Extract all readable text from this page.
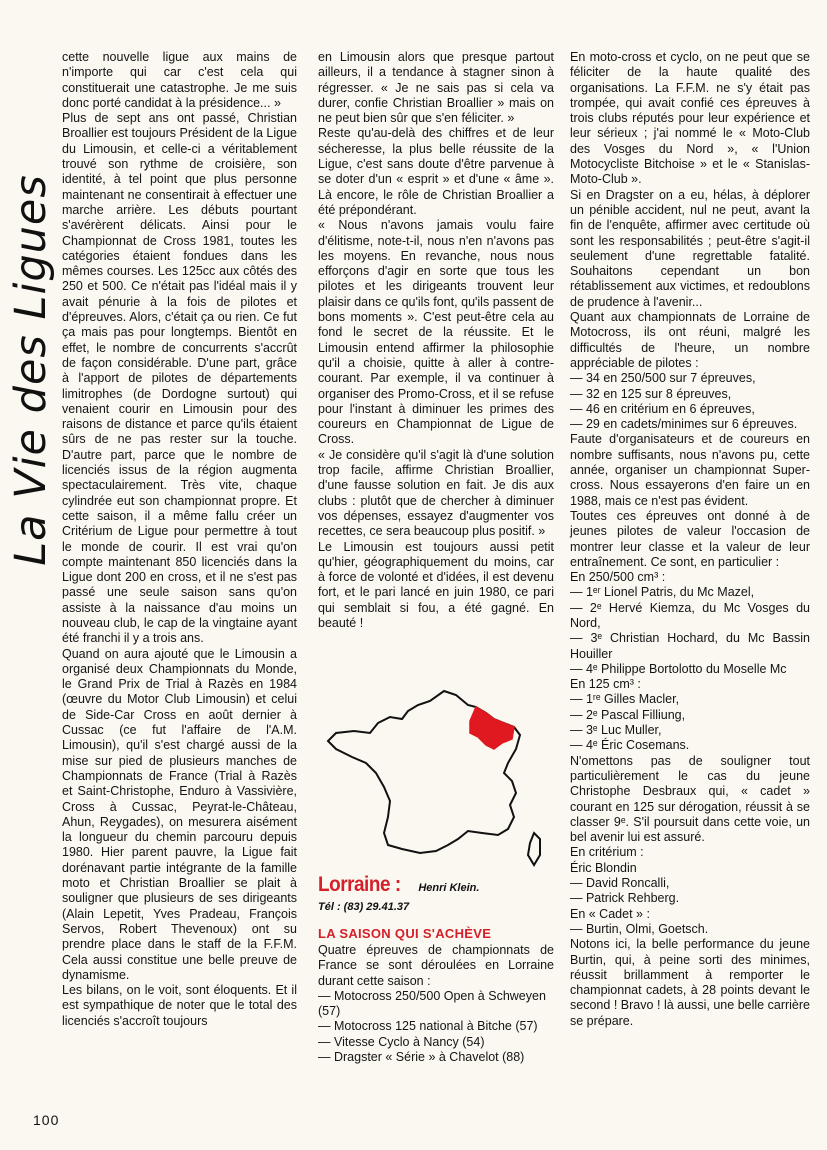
La Vie des Ligues

cette nouvelle ligue aux mains de n'importe qui car c'est cela qui constituerait une catastrophe. Je me suis donc porté candidat à la présidence... »

Plus de sept ans ont passé, Christian Broallier est toujours Président de la Ligue du Limousin, et celle-ci a véritablement trouvé son rythme de croisière, son identité, à tel point que plus personne maintenant ne consentirait à effectuer une marche arrière. Les débuts pourtant s'avérèrent délicats. Ainsi pour le Championnat de Cross 1981, toutes les catégories étaient fondues dans les mêmes courses. Les 125cc aux côtés des 250 et 500. Ce n'était pas l'idéal mais il y avait pénurie à la fois de pilotes et d'épreuves. Alors, c'était ça ou rien. Ce fut ça mais pas pour longtemps. Bientôt en effet, le nombre de concurrents s'accrût de façon considérable. D'une part, grâce à l'apport de pilotes de départements limitrophes (de Dordogne surtout) qui venaient courir en Limousin pour des raisons de distance et parce qu'ils étaient sûrs de ne pas rester sur la touche. D'autre part, parce que le nombre de licenciés issus de la région augmenta spectaculairement. Très vite, chaque cylindrée eut son championnat propre. Et cette saison, il a même fallu créer un Critérium de Ligue pour permettre à tout le monde de courir. Il est vrai qu'on compte maintenant 850 licenciés dans la Ligue dont 200 en cross, et il ne s'est pas passé une seule saison sans qu'on assiste à la naissance d'au moins un nouveau club, le cap de la vingtaine ayant été franchi il y a trois ans.

Quand on aura ajouté que le Limousin a organisé deux Championnats du Monde, le Grand Prix de Trial à Razès en 1984 (œuvre du Motor Club Limousin) et celui de Side-Car Cross en août dernier à Cussac (ce fut l'affaire de l'A.M. Limousin), qu'il s'est chargé aussi de la mise sur pied de plusieurs manches de Championnats de France (Trial à Razès et Saint-Christophe, Enduro à Vassivière, Cross à Cussac, Peyrat-le-Château, Ahun, Reygades), on mesurera aisément la longueur du chemin parcouru depuis 1980. Hier parent pauvre, la Ligue fait dorénavant partie intégrante de la famille moto et Christian Broallier se plait à souligner que plusieurs de ses dirigeants (Alain Lepetit, Yves Pradeau, François Servos, Robert Thevenoux) ont su prendre place dans le staff de la F.F.M. Cela aussi constitue une belle preuve de dynamisme.

Les bilans, on le voit, sont éloquents. Et il est sympathique de noter que le total des licenciés s'accroît toujours

en Limousin alors que presque partout ailleurs, il a tendance à stagner sinon à régresser. « Je ne sais pas si cela va durer, confie Christian Broallier » mais on ne peut bien sûr que s'en féliciter. »

Reste qu'au-delà des chiffres et de leur sécheresse, la plus belle réussite de la Ligue, c'est sans doute d'être parvenue à se doter d'un « esprit » et d'une « âme ». Là encore, le rôle de Christian Broallier a été prépondérant.

« Nous n'avons jamais voulu faire d'élitisme, note-t-il, nous n'en n'avons pas les moyens. En revanche, nous nous efforçons d'agir en sorte que tous les pilotes et les dirigeants trouvent leur plaisir dans ce qu'ils font, qu'ils passent de bons moments ». C'est peut-être cela au fond le secret de la réussite. Et le Limousin entend affirmer la philosophie qu'il a choisie, quitte à aller à contre-courant. Par exemple, il va continuer à organiser des Promo-Cross, et il se refuse pour l'instant à diminuer les primes des coureurs en Championnat de Ligue de Cross.

« Je considère qu'il s'agit là d'une solution trop facile, affirme Christian Broallier, d'une fausse solution en fait. Je dis aux clubs : plutôt que de chercher à diminuer vos dépenses, essayez d'augmenter vos recettes, ce sera beaucoup plus positif. »

Le Limousin est toujours aussi petit qu'hier, géographiquement du moins, car à force de volonté et d'idées, il est devenu fort, et le pari lancé en juin 1980, ce pari qui semblait si fou, a été gagné. En beauté !

Lorraine : Henri Klein.
Tél : (83) 29.41.37
LA SAISON QUI S'ACHÈVE

Quatre épreuves de championnats de France se sont déroulées en Lorraine durant cette saison :

— Motocross 250/500 Open à Schweyen (57)

— Motocross 125 national à Bitche (57)

— Vitesse Cyclo à Nancy (54)

— Dragster « Série » à Chavelot (88)

En moto-cross et cyclo, on ne peut que se féliciter de la haute qualité des organisations. La F.F.M. ne s'y était pas trompée, qui avait confié ces épreuves à trois clubs réputés pour leur expérience et leur sérieux ; j'ai nommé le « Moto-Club des Vosges du Nord », « l'Union Motocycliste Bitchoise » et le « Stanislas-Moto-Club ».

Si en Dragster on a eu, hélas, à déplorer un pénible accident, nul ne peut, avant la fin de l'enquête, affirmer avec certitude où sont les responsabilités ; peut-être s'agit-il seulement d'une regrettable fatalité. Souhaitons cependant un bon rétablissement aux victimes, et redoublons de prudence à l'avenir...

Quant aux championnats de Lorraine de Motocross, ils ont réuni, malgré les difficultés de l'heure, un nombre appréciable de pilotes :

— 34 en 250/500 sur 7 épreuves,

— 32 en 125 sur 8 épreuves,

— 46 en critérium en 6 épreuves,

— 29 en cadets/minimes sur 6 épreuves.

Faute d'organisateurs et de coureurs en nombre suffisants, nous n'avons pu, cette année, organiser un championnat Super-cross. Nous essayerons d'en faire un en 1988, mais ce n'est pas évident.

Toutes ces épreuves ont donné à de jeunes pilotes de valeur l'occasion de montrer leur classe et la valeur de leur entraînement. Ce sont, en particulier :

En 250/500 cm³ :

— 1ᵉʳ Lionel Patris, du Mc Mazel,

— 2ᵉ Hervé Kiemza, du Mc Vosges du Nord,

— 3ᵉ Christian Hochard, du Mc Bassin Houiller

— 4ᵉ Philippe Bortolotto du Moselle Mc

En 125 cm³ :

— 1ʳᵉ Gilles Macler,

— 2ᵉ Pascal Filliung,

— 3ᵉ Luc Muller,

— 4ᵉ Éric Cosemans.

N'omettons pas de souligner tout particulièrement le cas du jeune Christophe Desbraux qui, « cadet » courant en 125 sur dérogation, réussit à se classer 9ᵉ. S'il poursuit dans cette voie, un bel avenir lui est assuré.

En critérium :

Éric Blondin

— David Roncalli,

— Patrick Rehberg.

En « Cadet » :

— Burtin, Olmi, Goetsch.

Notons ici, la belle performance du jeune Burtin, qui, à peine sorti des minimes, réussit brillamment à remporter le championnat cadets, à 28 points devant le second ! Bravo ! là aussi, une belle carrière se prépare.

100
